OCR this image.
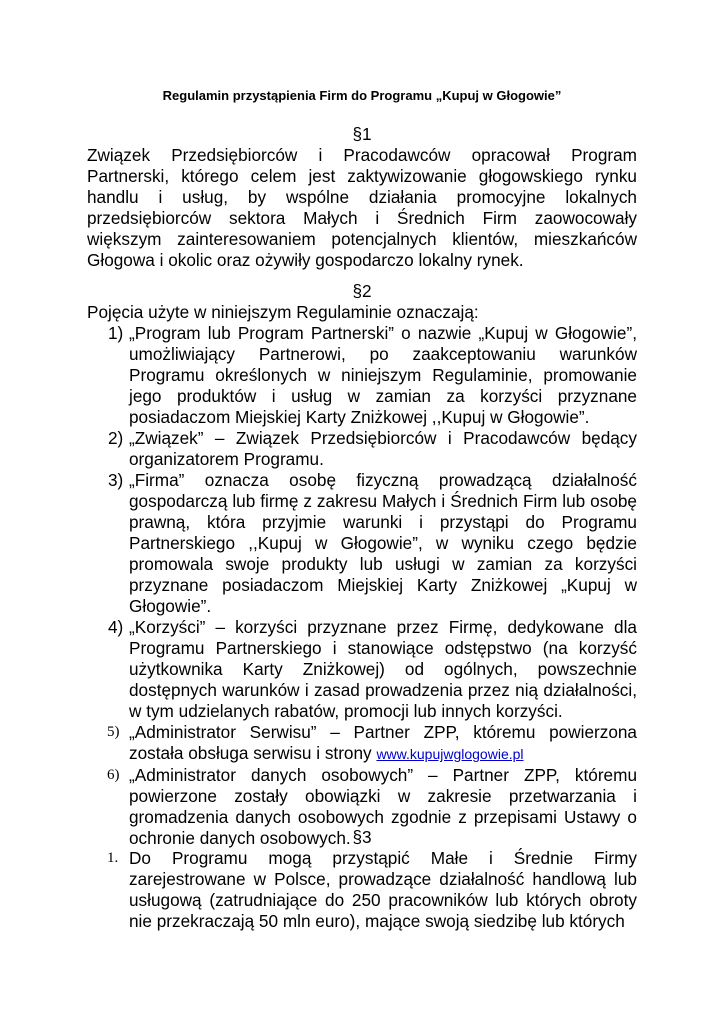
Regulamin przystąpienia Firm do Programu „Kupuj w Głogowie”
§1
Związek Przedsiębiorców i Pracodawców opracował Program Partnerski, którego celem jest zaktywizowanie głogowskiego rynku handlu i usług, by wspólne działania promocyjne lokalnych przedsiębiorców sektora Małych i Średnich Firm zaowocowały większym zainteresowaniem potencjalnych klientów, mieszkańców Głogowa i okolic oraz ożywiły gospodarczo lokalny rynek.
§2
Pojęcia użyte w niniejszym Regulaminie oznaczają:
1) „Program lub Program Partnerski” o nazwie „Kupuj w Głogowie”, umożliwiający Partnerowi, po zaakceptowaniu warunków Programu określonych w niniejszym Regulaminie, promowanie jego produktów i usług w zamian za korzyści przyznane posiadaczom Miejskiej Karty Zniżkowej ,,Kupuj w Głogowie”.
2) „Związek” – Związek Przedsiębiorców i Pracodawców będący organizatorem Programu.
3) „Firma” oznacza osobę fizyczną prowadzącą działalność gospodarczą lub firmę z zakresu Małych i Średnich Firm lub osobę prawną, która przyjmie warunki i przystąpi do Programu Partnerskiego ,,Kupuj w Głogowie”, w wyniku czego będzie promowala swoje produkty lub usługi w zamian za korzyści przyznane posiadaczom Miejskiej Karty Zniżkowej „Kupuj w Głogowie”.
4) „Korzyści” – korzyści przyznane przez Firmę, dedykowane dla Programu Partnerskiego i stanowiące odstępstwo (na korzyść użytkownika Karty Zniżkowej) od ogólnych, powszechnie dostępnych warunków i zasad prowadzenia przez nią działalności, w tym udzielanych rabatów, promocji lub innych korzyści.
5) „Administrator Serwisu” – Partner ZPP, któremu powierzona została obsługa serwisu i strony www.kupujwglogowie.pl
6) „Administrator danych osobowych” – Partner ZPP, któremu powierzone zostały obowiązki w zakresie przetwarzania i gromadzenia danych osobowych zgodnie z przepisami Ustawy o ochronie danych osobowych. §3
1. Do Programu mogą przystąpić Małe i Średnie Firmy zarejestrowane w Polsce, prowadzące działalność handlową lub usługową (zatrudniające do 250 pracowników lub których obroty nie przekraczają 50 mln euro), mające swoją siedzibę lub których
